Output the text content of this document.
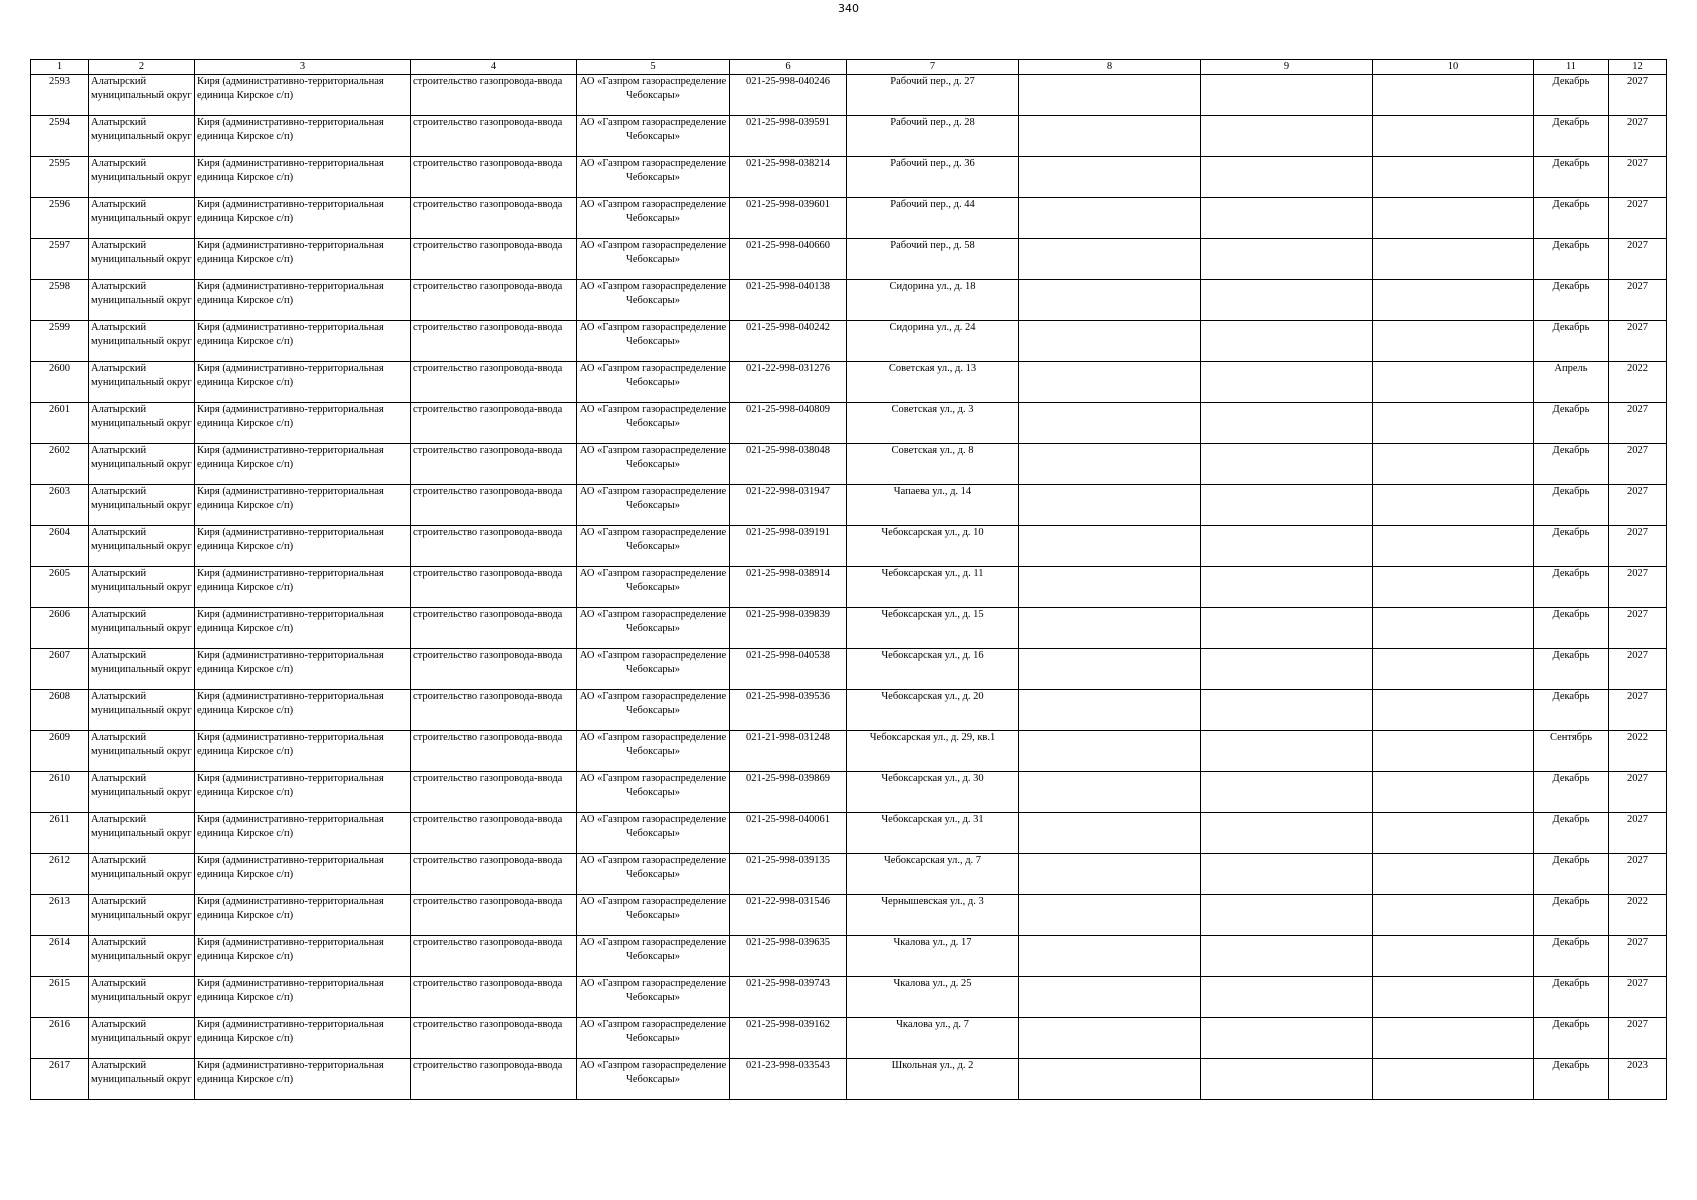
340
1	2	3	4	5	6	7	8	9	10	11	12

2593	Алатырский муниципальный округ	Киря (административно-территориальная единица Кирское с/п)	строительство газопровода-ввода	АО «Газпром газораспределение Чебоксары»	021-25-998-040246	Рабочий пер., д. 27				Декабрь	2027

2594	Алатырский муниципальный округ	Киря (административно-территориальная единица Кирское с/п)	строительство газопровода-ввода	АО «Газпром газораспределение Чебоксары»	021-25-998-039591	Рабочий пер., д. 28				Декабрь	2027

2595	Алатырский муниципальный округ	Киря (административно-территориальная единица Кирское с/п)	строительство газопровода-ввода	АО «Газпром газораспределение Чебоксары»	021-25-998-038214	Рабочий пер., д. 36				Декабрь	2027

2596	Алатырский муниципальный округ	Киря (административно-территориальная единица Кирское с/п)	строительство газопровода-ввода	АО «Газпром газораспределение Чебоксары»	021-25-998-039601	Рабочий пер., д. 44				Декабрь	2027

2597	Алатырский муниципальный округ	Киря (административно-территориальная единица Кирское с/п)	строительство газопровода-ввода	АО «Газпром газораспределение Чебоксары»	021-25-998-040660	Рабочий пер., д. 58				Декабрь	2027

2598	Алатырский муниципальный округ	Киря (административно-территориальная единица Кирское с/п)	строительство газопровода-ввода	АО «Газпром газораспределение Чебоксары»	021-25-998-040138	Сидорина ул., д. 18				Декабрь	2027

2599	Алатырский муниципальный округ	Киря (административно-территориальная единица Кирское с/п)	строительство газопровода-ввода	АО «Газпром газораспределение Чебоксары»	021-25-998-040242	Сидорина ул., д. 24				Декабрь	2027

2600	Алатырский муниципальный округ	Киря (административно-территориальная единица Кирское с/п)	строительство газопровода-ввода	АО «Газпром газораспределение Чебоксары»	021-22-998-031276	Советская ул., д. 13				Апрель	2022

2601	Алатырский муниципальный округ	Киря (административно-территориальная единица Кирское с/п)	строительство газопровода-ввода	АО «Газпром газораспределение Чебоксары»	021-25-998-040809	Советская ул., д. 3				Декабрь	2027

2602	Алатырский муниципальный округ	Киря (административно-территориальная единица Кирское с/п)	строительство газопровода-ввода	АО «Газпром газораспределение Чебоксары»	021-25-998-038048	Советская ул., д. 8				Декабрь	2027

2603	Алатырский муниципальный округ	Киря (административно-территориальная единица Кирское с/п)	строительство газопровода-ввода	АО «Газпром газораспределение Чебоксары»	021-22-998-031947	Чапаева ул., д. 14				Декабрь	2027

2604	Алатырский муниципальный округ	Киря (административно-территориальная единица Кирское с/п)	строительство газопровода-ввода	АО «Газпром газораспределение Чебоксары»	021-25-998-039191	Чебоксарская ул., д. 10				Декабрь	2027

2605	Алатырский муниципальный округ	Киря (административно-территориальная единица Кирское с/п)	строительство газопровода-ввода	АО «Газпром газораспределение Чебоксары»	021-25-998-038914	Чебоксарская ул., д. 11				Декабрь	2027

2606	Алатырский муниципальный округ	Киря (административно-территориальная единица Кирское с/п)	строительство газопровода-ввода	АО «Газпром газораспределение Чебоксары»	021-25-998-039839	Чебоксарская ул., д. 15				Декабрь	2027

2607	Алатырский муниципальный округ	Киря (административно-территориальная единица Кирское с/п)	строительство газопровода-ввода	АО «Газпром газораспределение Чебоксары»	021-25-998-040538	Чебоксарская ул., д. 16				Декабрь	2027

2608	Алатырский муниципальный округ	Киря (административно-территориальная единица Кирское с/п)	строительство газопровода-ввода	АО «Газпром газораспределение Чебоксары»	021-25-998-039536	Чебоксарская ул., д. 20				Декабрь	2027

2609	Алатырский муниципальный округ	Киря (административно-территориальная единица Кирское с/п)	строительство газопровода-ввода	АО «Газпром газораспределение Чебоксары»	021-21-998-031248	Чебоксарская ул., д. 29, кв.1				Сентябрь	2022

2610	Алатырский муниципальный округ	Киря (административно-территориальная единица Кирское с/п)	строительство газопровода-ввода	АО «Газпром газораспределение Чебоксары»	021-25-998-039869	Чебоксарская ул., д. 30				Декабрь	2027

2611	Алатырский муниципальный округ	Киря (административно-территориальная единица Кирское с/п)	строительство газопровода-ввода	АО «Газпром газораспределение Чебоксары»	021-25-998-040061	Чебоксарская ул., д. 31				Декабрь	2027

2612	Алатырский муниципальный округ	Киря (административно-территориальная единица Кирское с/п)	строительство газопровода-ввода	АО «Газпром газораспределение Чебоксары»	021-25-998-039135	Чебоксарская ул., д. 7				Декабрь	2027

2613	Алатырский муниципальный округ	Киря (административно-территориальная единица Кирское с/п)	строительство газопровода-ввода	АО «Газпром газораспределение Чебоксары»	021-22-998-031546	Чернышевская ул., д. 3				Декабрь	2022

2614	Алатырский муниципальный округ	Киря (административно-территориальная единица Кирское с/п)	строительство газопровода-ввода	АО «Газпром газораспределение Чебоксары»	021-25-998-039635	Чкалова ул., д. 17				Декабрь	2027

2615	Алатырский муниципальный округ	Киря (административно-территориальная единица Кирское с/п)	строительство газопровода-ввода	АО «Газпром газораспределение Чебоксары»	021-25-998-039743	Чкалова ул., д. 25				Декабрь	2027

2616	Алатырский муниципальный округ	Киря (административно-территориальная единица Кирское с/п)	строительство газопровода-ввода	АО «Газпром газораспределение Чебоксары»	021-25-998-039162	Чкалова ул., д. 7				Декабрь	2027

2617	Алатырский муниципальный округ	Киря (административно-территориальная единица Кирское с/п)	строительство газопровода-ввода	АО «Газпром газораспределение Чебоксары»	021-23-998-033543	Школьная ул., д. 2				Декабрь	2023
